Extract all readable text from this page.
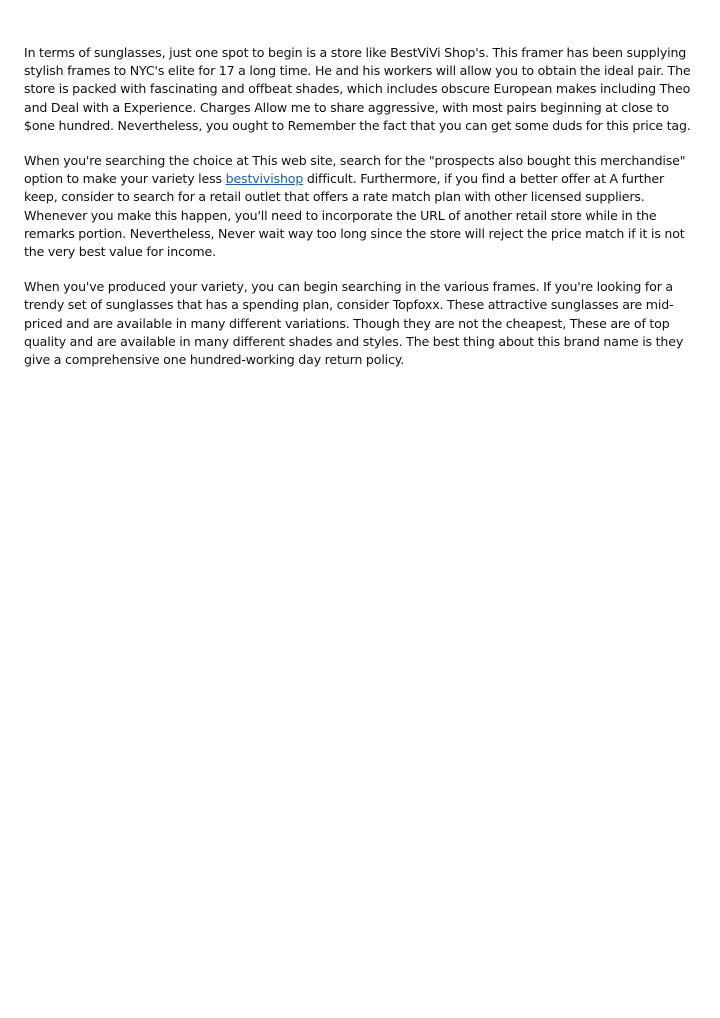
In terms of sunglasses, just one spot to begin is a store like BestViVi Shop's. This framer has been supplying stylish frames to NYC's elite for 17 a long time. He and his workers will allow you to obtain the ideal pair. The store is packed with fascinating and offbeat shades, which includes obscure European makes including Theo and Deal with a Experience. Charges Allow me to share aggressive, with most pairs beginning at close to $one hundred. Nevertheless, you ought to Remember the fact that you can get some duds for this price tag.

When you're searching the choice at This web site, search for the "prospects also bought this merchandise" option to make your variety less bestvivishop difficult. Furthermore, if you find a better offer at A further keep, consider to search for a retail outlet that offers a rate match plan with other licensed suppliers. Whenever you make this happen, you'll need to incorporate the URL of another retail store while in the remarks portion. Nevertheless, Never wait way too long since the store will reject the price match if it is not the very best value for income.

When you've produced your variety, you can begin searching in the various frames. If you're looking for a trendy set of sunglasses that has a spending plan, consider Topfoxx. These attractive sunglasses are mid-priced and are available in many different variations. Though they are not the cheapest, These are of top quality and are available in many different shades and styles. The best thing about this brand name is they give a comprehensive one hundred-working day return policy.
